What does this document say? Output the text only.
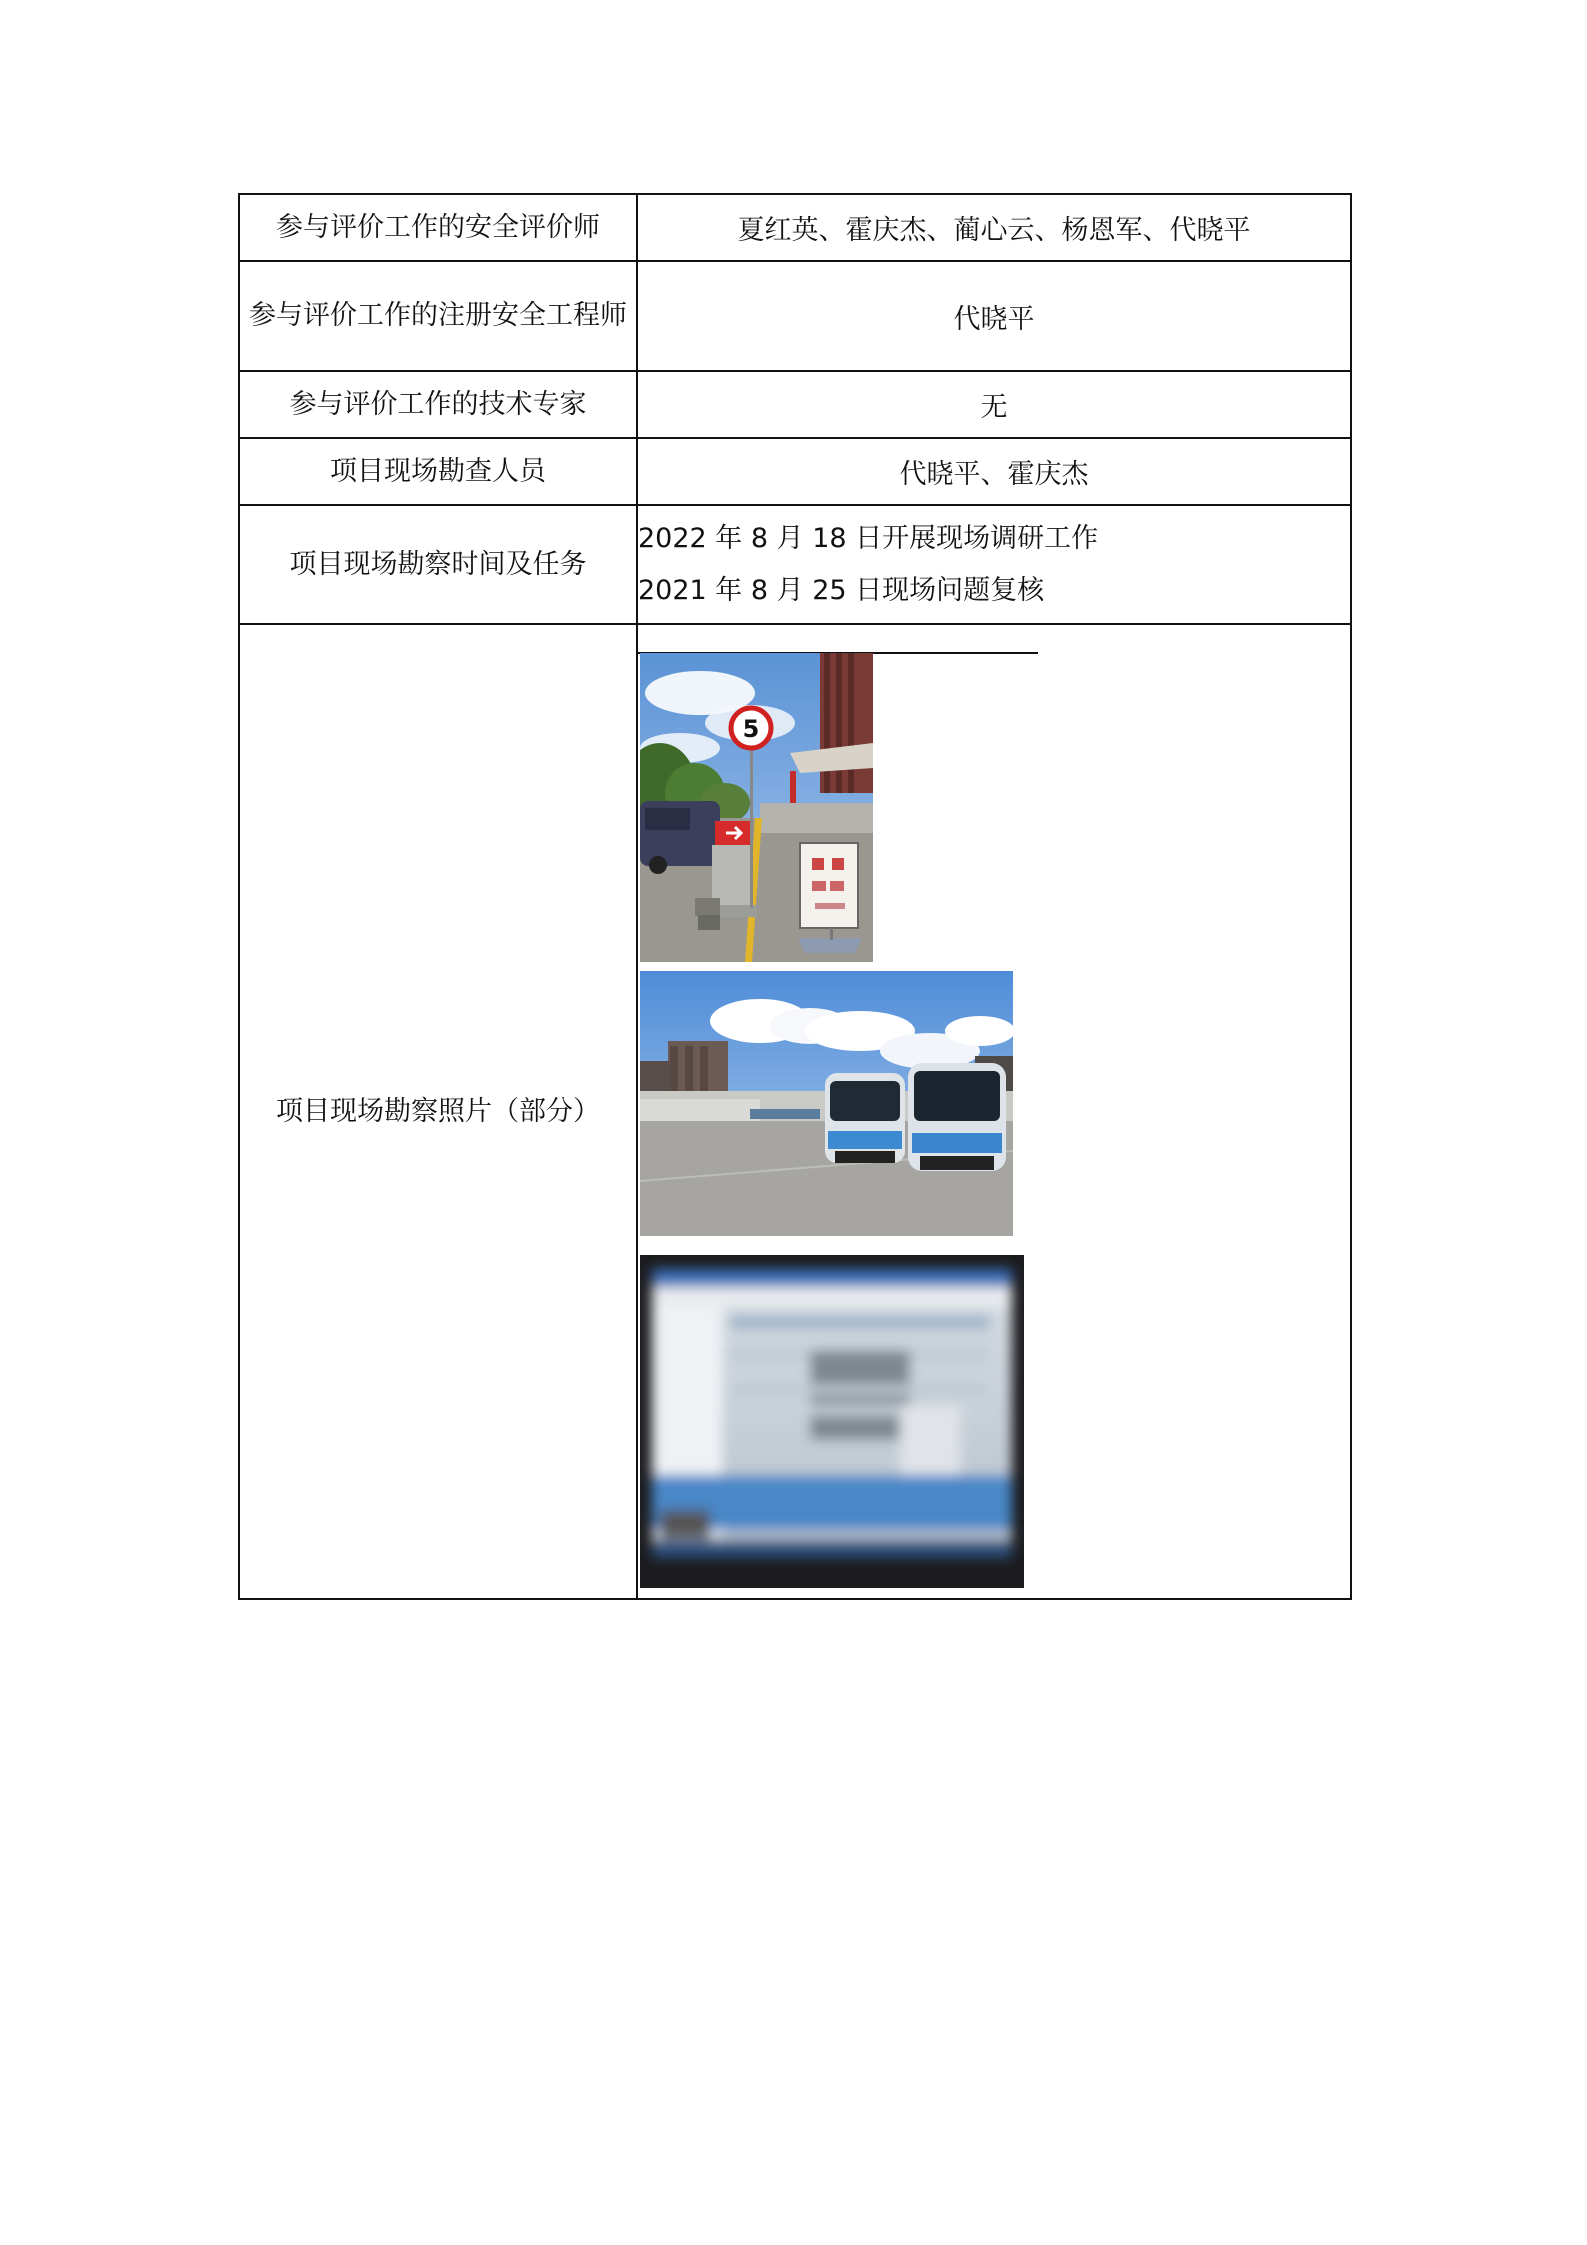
参与评价工作的安全评价师	夏红英、霍庆杰、蔺心云、杨恩军、代晓平
参与评价工作的注册安全工程师	代晓平
参与评价工作的技术专家	无
项目现场勘查人员	代晓平、霍庆杰
项目现场勘察时间及任务	2022 年 8 月 18 日开展现场调研工作
2021 年 8 月 25 日现场问题复核

项目现场勘察照片（部分）	5
